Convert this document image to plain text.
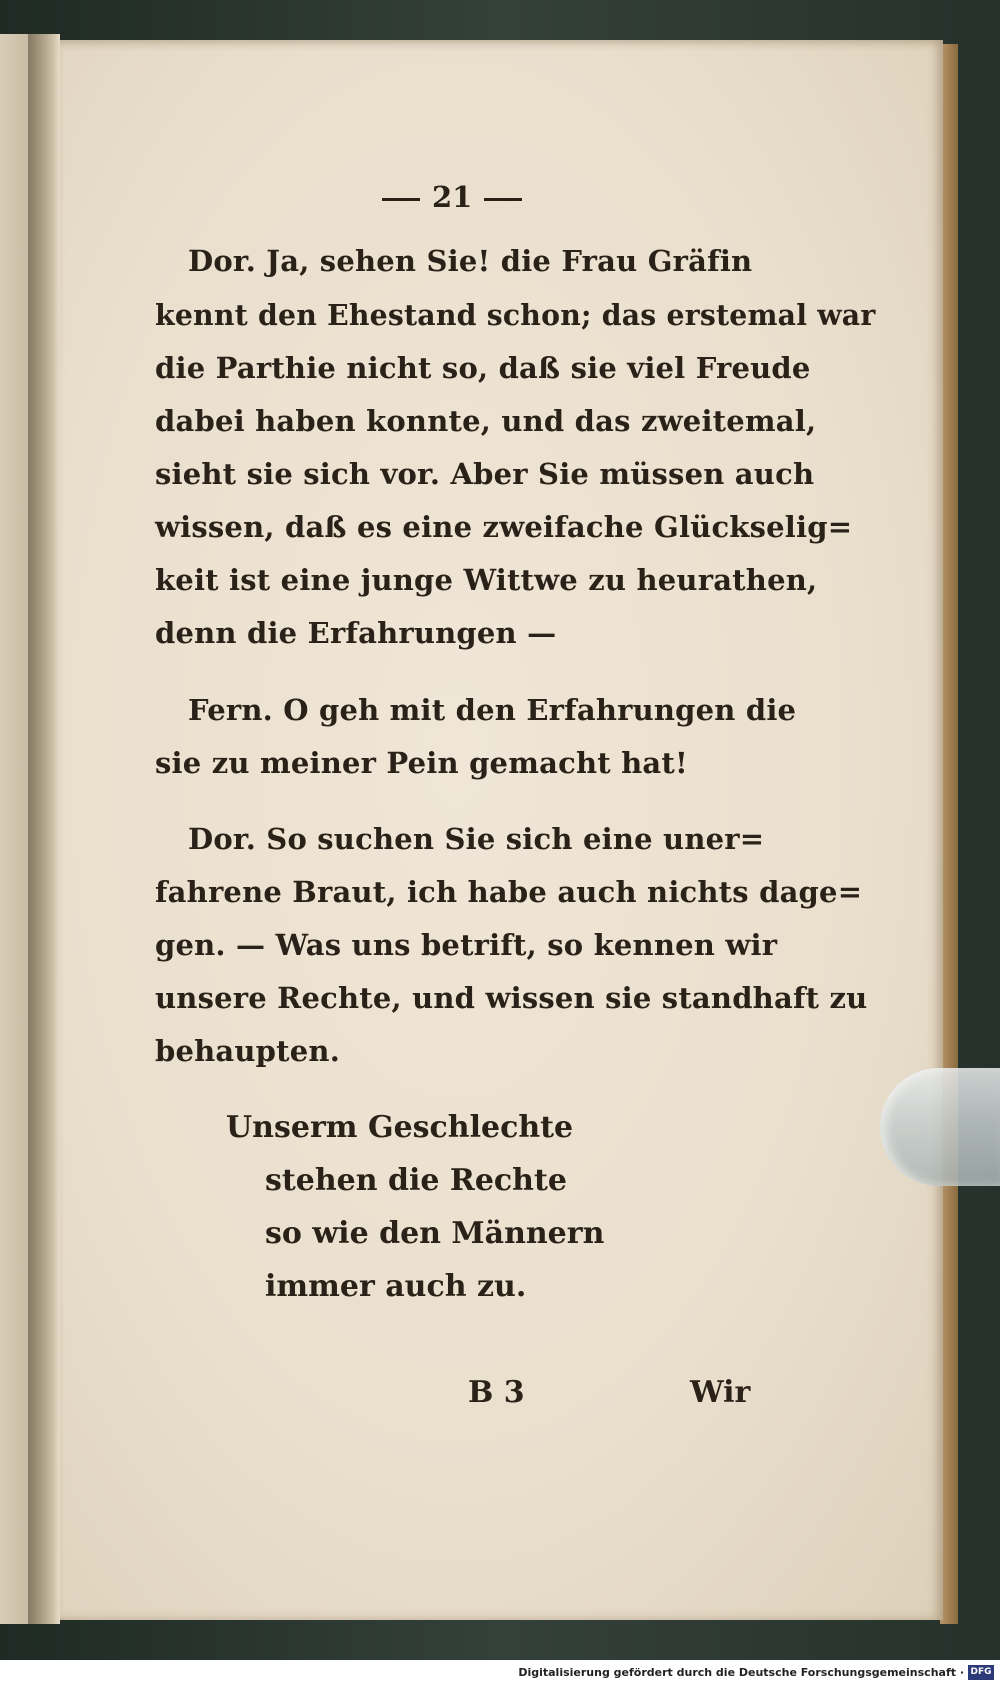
21
Dor. Ja, sehen Sie! die Frau Gräfin
kennt den Ehestand schon; das erstemal war
die Parthie nicht so, daß sie viel Freude
dabei haben konnte, und das zweitemal,
sieht sie sich vor. Aber Sie müssen auch
wissen, daß es eine zweifache Glückselig=
keit ist eine junge Wittwe zu heurathen,
denn die Erfahrungen —
Fern. O geh mit den Erfahrungen die
sie zu meiner Pein gemacht hat!
Dor. So suchen Sie sich eine uner=
fahrene Braut, ich habe auch nichts dage=
gen. — Was uns betrift, so kennen wir
unsere Rechte, und wissen sie standhaft zu
behaupten.
Unserm Geschlechte
stehen die Rechte
so wie den Männern
immer auch zu.
B 3	Wir
Digitalisierung gefördert durch die Deutsche Forschungsgemeinschaft · DFG
